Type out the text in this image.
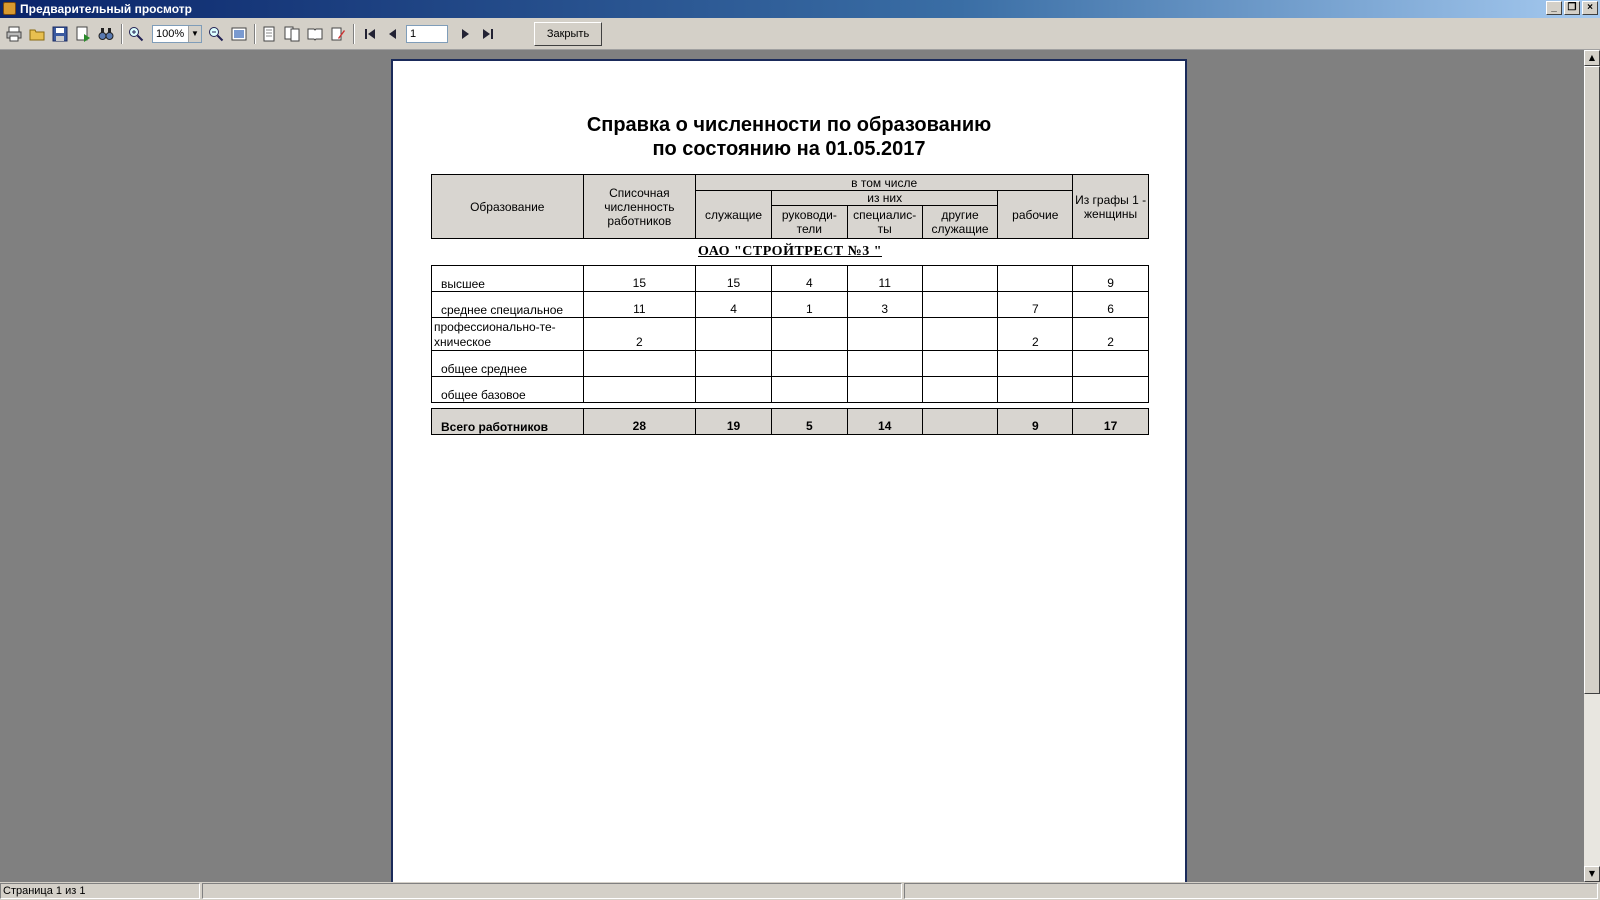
Предварительный просмотр	_	❐	×
100% ▼	1	Закрыть
Справка о численности по образованию
по состоянию на 01.05.2017
Образование	Списочная численность работников	в том числе					Из графы 1 - женщины
		служащие	из них			рабочие	
			руководи-тели	специалис-ты	другие служащие		
ОАО "СТРОЙТРЕСТ №3 "							
высшее	15	15	4	11			9
среднее специальное	11	4	1	3		7	6
профессионально-те-хническое	2					2	2
общее среднее							
общее базовое							

Всего работников	28	19	5	14		9	17
▲
▼
Страница 1 из 1
